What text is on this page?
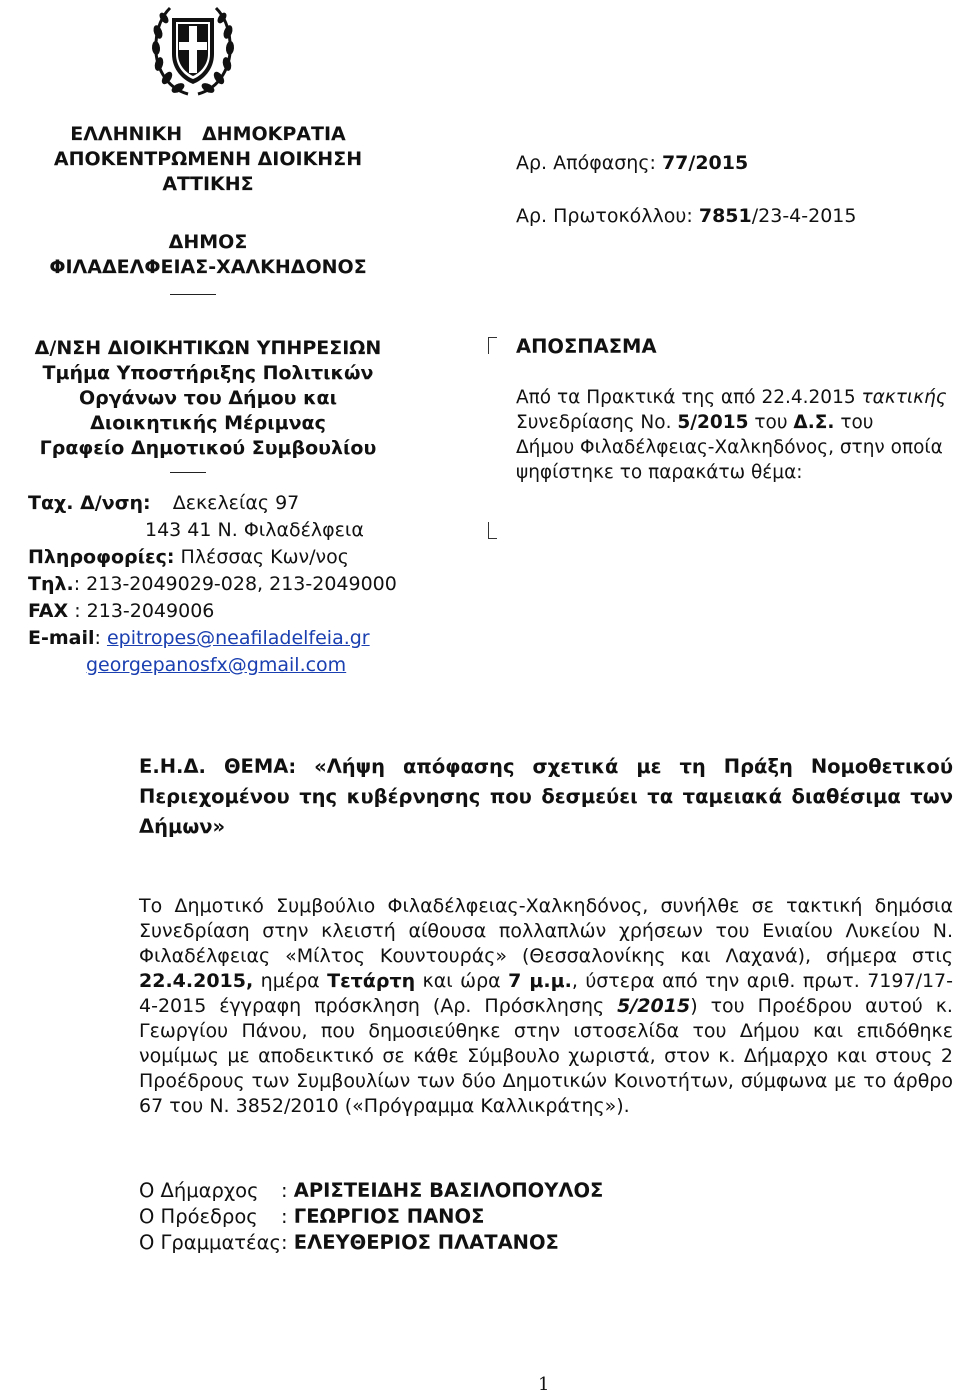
ΕΛΛΗΝΙΚΗ   ΔΗΜΟΚΡΑΤΙΑ
ΑΠΟΚΕΝΤΡΩΜΕΝΗ ΔΙΟΙΚΗΣΗ
ΑΤΤΙΚΗΣ
ΔΗΜΟΣ
ΦΙΛΑΔΕΛΦΕΙΑΣ-ΧΑΛΚΗΔΟΝΟΣ
Δ/ΝΣΗ ΔΙΟΙΚΗΤΙΚΩΝ ΥΠΗΡΕΣΙΩΝ
Τμήμα Υποστήριξης Πολιτικών
Οργάνων του Δήμου και
Διοικητικής Μέριμνας
Γραφείο Δημοτικού Συμβουλίου
Ταχ. Δ/νση: Δεκελείας 97
143 41 Ν. Φιλαδέλφεια
Πληροφορίες: Πλέσσας Κων/νος
Τηλ.: 213-2049029-028, 213-2049000
FAX : 213-2049006
E-mail: epitropes@neafiladelfeia.gr
georgepanosfx@gmail.com
Αρ. Απόφασης: 77/2015
Αρ. Πρωτοκόλλου: 7851/23-4-2015
ΑΠΟΣΠΑΣΜΑ
Από τα Πρακτικά της από 22.4.2015 τακτικής
Συνεδρίασης Νο. 5/2015 του Δ.Σ. του
Δήμου Φιλαδέλφειας-Χαλκηδόνος, στην οποία
ψηφίστηκε το παρακάτω θέμα:
Ε.Η.Δ. ΘΕΜΑ: «Λήψη απόφασης σχετικά με τη Πράξη Νομοθετικού Περιεχομένου της κυβέρνησης που δεσμεύει τα ταμειακά διαθέσιμα των Δήμων»
Το Δημοτικό Συμβούλιο Φιλαδέλφειας-Χαλκηδόνος, συνήλθε σε τακτική δημόσια Συνεδρίαση στην κλειστή αίθουσα πολλαπλών χρήσεων του Ενιαίου Λυκείου Ν. Φιλαδέλφειας «Μίλτος Κουντουράς» (Θεσσαλονίκης και Λαχανά), σήμερα στις 22.4.2015, ημέρα Τετάρτη και ώρα 7 μ.μ., ύστερα από την αριθ. πρωτ. 7197/17-4-2015 έγγραφη πρόσκληση (Αρ. Πρόσκλησης 5/2015) του Προέδρου αυτού κ. Γεωργίου Πάνου, που δημοσιεύθηκε στην ιστοσελίδα του Δήμου και επιδόθηκε νομίμως με αποδεικτικό σε κάθε Σύμβουλο χωριστά, στον κ. Δήμαρχο και στους 2 Προέδρους των Συμβουλίων των δύο Δημοτικών Κοινοτήτων, σύμφωνα με το άρθρο 67 του Ν. 3852/2010 («Πρόγραμμα Καλλικράτης»).
Ο Δήμαρχος : ΑΡΙΣΤΕΙΔΗΣ ΒΑΣΙΛΟΠΟΥΛΟΣ
Ο Πρόεδρος : ΓΕΩΡΓΙΟΣ ΠΑΝΟΣ
Ο Γραμματέας: ΕΛΕΥΘΕΡΙΟΣ ΠΛΑΤΑΝΟΣ
1
